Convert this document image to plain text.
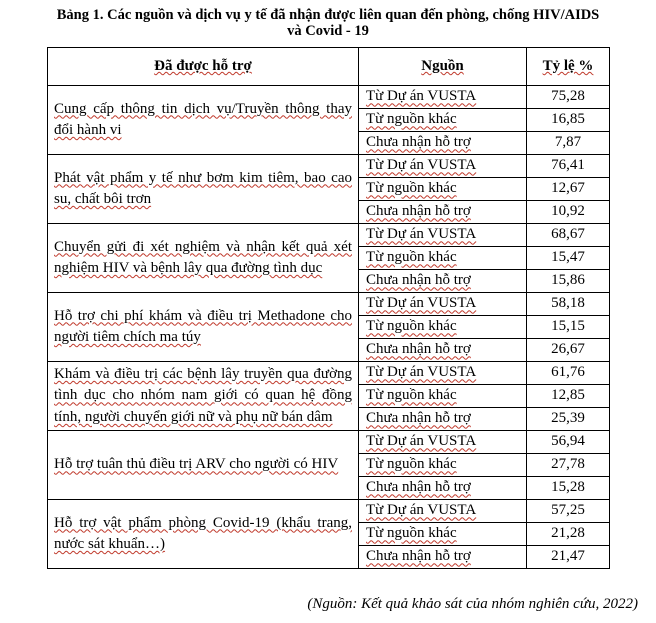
Bảng 1. Các nguồn và dịch vụ y tế đã nhận được liên quan đến phòng, chống HIV/AIDS
và Covid - 19
Đã được hỗ trợ	Nguồn	Tỷ lệ %
Cung cấp thông tin dịch vụ/Truyền thông thay đổi hành vi	Từ Dự án VUSTA	75,28
	Từ nguồn khác	16,85
	Chưa nhận hỗ trợ	7,87
Phát vật phẩm y tế như bơm kim tiêm, bao cao su, chất bôi trơn	Từ Dự án VUSTA	76,41
	Từ nguồn khác	12,67
	Chưa nhận hỗ trợ	10,92
Chuyển gửi đi xét nghiệm và nhận kết quả xét nghiệm HIV và bệnh lây qua đường tình dục	Từ Dự án VUSTA	68,67
	Từ nguồn khác	15,47
	Chưa nhận hỗ trợ	15,86
Hỗ trợ chi phí khám và điều trị Methadone cho người tiêm chích ma túy	Từ Dự án VUSTA	58,18
	Từ nguồn khác	15,15
	Chưa nhận hỗ trợ	26,67
Khám và điều trị các bệnh lây truyền qua đường tình dục cho nhóm nam giới có quan hệ đồng tính, người chuyển giới nữ và phụ nữ bán dâm	Từ Dự án VUSTA	61,76
	Từ nguồn khác	12,85
	Chưa nhận hỗ trợ	25,39
Hỗ trợ tuân thủ điều trị ARV cho người có HIV	Từ Dự án VUSTA	56,94
	Từ nguồn khác	27,78
	Chưa nhận hỗ trợ	15,28
Hỗ trợ vật phẩm phòng Covid-19 (khẩu trang, nước sát khuẩn…)	Từ Dự án VUSTA	57,25
	Từ nguồn khác	21,28
	Chưa nhận hỗ trợ	21,47
(Nguồn: Kết quả khảo sát của nhóm nghiên cứu, 2022)
